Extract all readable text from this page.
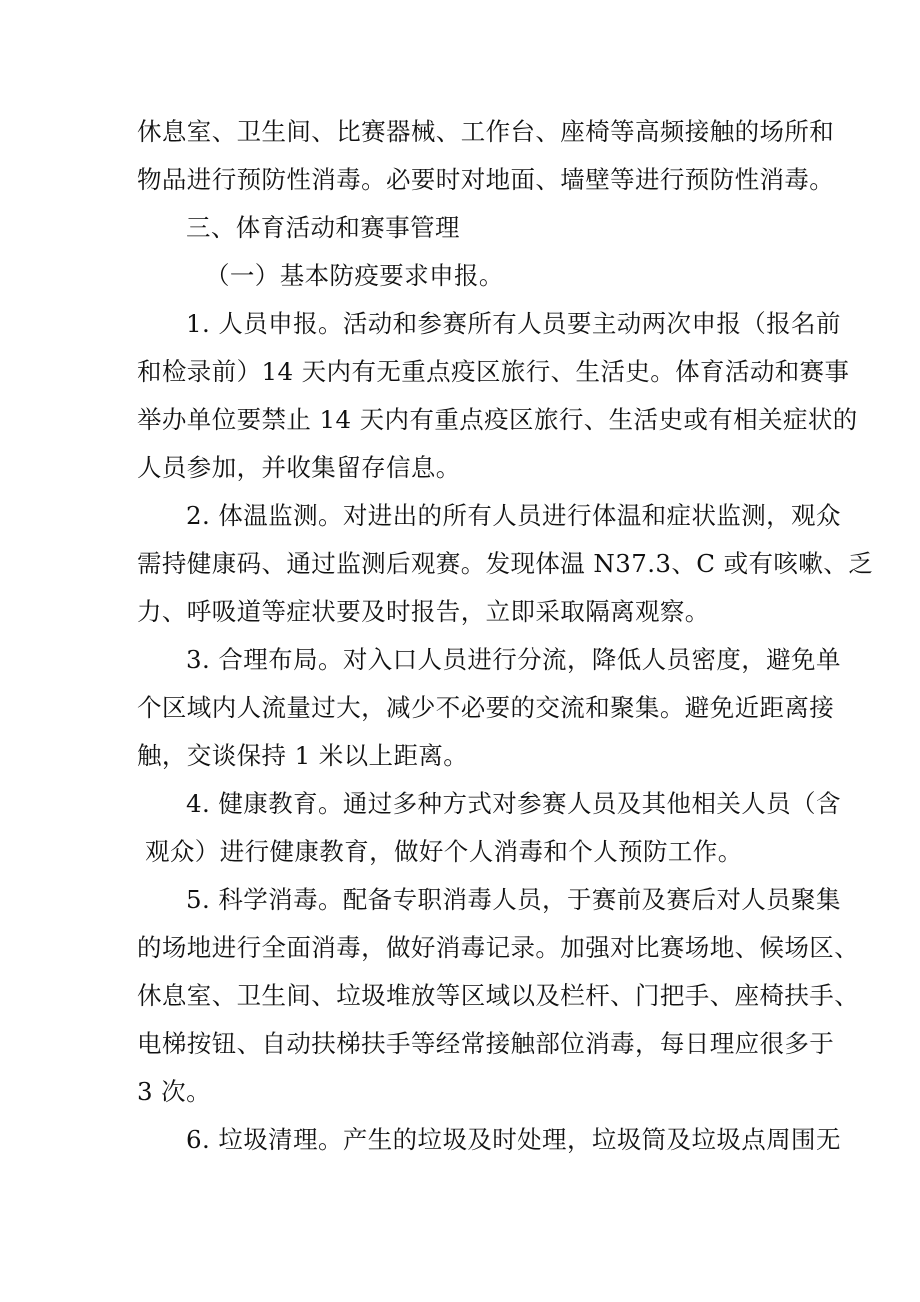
休息室、卫生间、比赛器械、工作台、座椅等高频接触的场所和
物品进行预防性消毒。必要时对地面、墙壁等进行预防性消毒。
三、体育活动和赛事管理
（一）基本防疫要求申报。
1. 人员申报。活动和参赛所有人员要主动两次申报（报名前
和检录前）14 天内有无重点疫区旅行、生活史。体育活动和赛事
举办单位要禁止 14 天内有重点疫区旅行、生活史或有相关症状的
人员参加，并收集留存信息。
2. 体温监测。对进出的所有人员进行体温和症状监测，观众
需持健康码、通过监测后观赛。发现体温 N37.3、C 或有咳嗽、乏
力、呼吸道等症状要及时报告，立即采取隔离观察。
3. 合理布局。对入口人员进行分流，降低人员密度，避免单
个区域内人流量过大，减少不必要的交流和聚集。避免近距离接
触，交谈保持 1 米以上距离。
4. 健康教育。通过多种方式对参赛人员及其他相关人员（含
观众）进行健康教育，做好个人消毒和个人预防工作。
5. 科学消毒。配备专职消毒人员，于赛前及赛后对人员聚集
的场地进行全面消毒，做好消毒记录。加强对比赛场地、候场区、
休息室、卫生间、垃圾堆放等区域以及栏杆、门把手、座椅扶手、
电梯按钮、自动扶梯扶手等经常接触部位消毒，每日理应很多于
3 次。
6. 垃圾清理。产生的垃圾及时处理，垃圾筒及垃圾点周围无
